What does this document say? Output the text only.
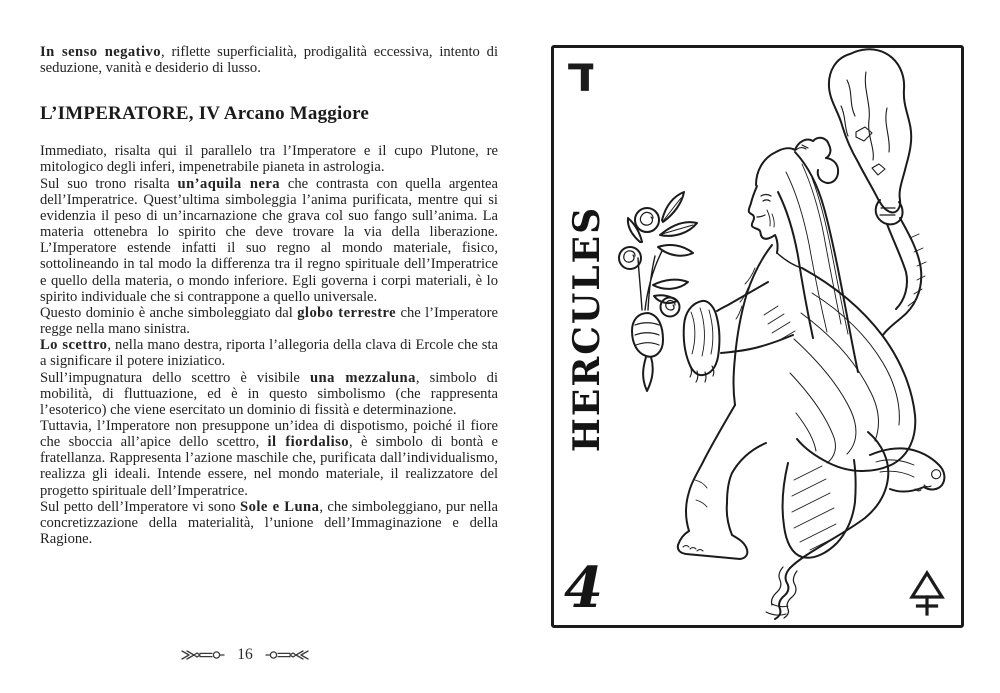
In senso negativo, riflette superficialità, prodigalità eccessiva, intento di seduzione, vanità e desiderio di lusso.

L’IMPERATORE, IV Arcano Maggiore

Immediato, risalta qui il parallelo tra l’Imperatore e il cupo Plutone, re mitologico degli inferi, impenetrabile pianeta in astrologia.

Sul suo trono risalta un’aquila nera che contrasta con quella argentea dell’Imperatrice. Quest’ultima simboleggia l’anima purificata, mentre qui si evidenzia il peso di un’incarnazione che grava col suo fango sull’anima. La materia ottenebra lo spirito che deve trovare la via della liberazione. L’Imperatore estende infatti il suo regno al mondo materiale, fisico, sottolineando in tal modo la differenza tra il regno spirituale dell’Imperatrice e quello della materia, o mondo inferiore. Egli governa i corpi materiali, è lo spirito individuale che si contrappone a quello universale.

Questo dominio è anche simboleggiato dal globo terrestre che l’Imperatore regge nella mano sinistra.

Lo scettro, nella mano destra, riporta l’allegoria della clava di Ercole che sta a significare il potere iniziatico.

Sull’impugnatura dello scettro è visibile una mezzaluna, simbolo di mobilità, di fluttuazione, ed è in questo simbolismo (che rappresenta l’esoterico) che viene esercitato un dominio di fissità e determinazione.

Tuttavia, l’Imperatore non presuppone un’idea di dispotismo, poiché il fiore che sboccia all’apice dello scettro, il fiordaliso, è simbolo di bontà e fratellanza. Rappresenta l’azione maschile che, purificata dall’individualismo, realizza gli ideali. Intende essere, nel mondo materiale, il realizzatore del progetto spirituale dell’Imperatrice.

Sul petto dell’Imperatore vi sono Sole e Luna, che simboleggiano, pur nella concretizzazione della materialità, l’unione dell’Immaginazione e della Ragione.

16
ד
HERCULES
4
